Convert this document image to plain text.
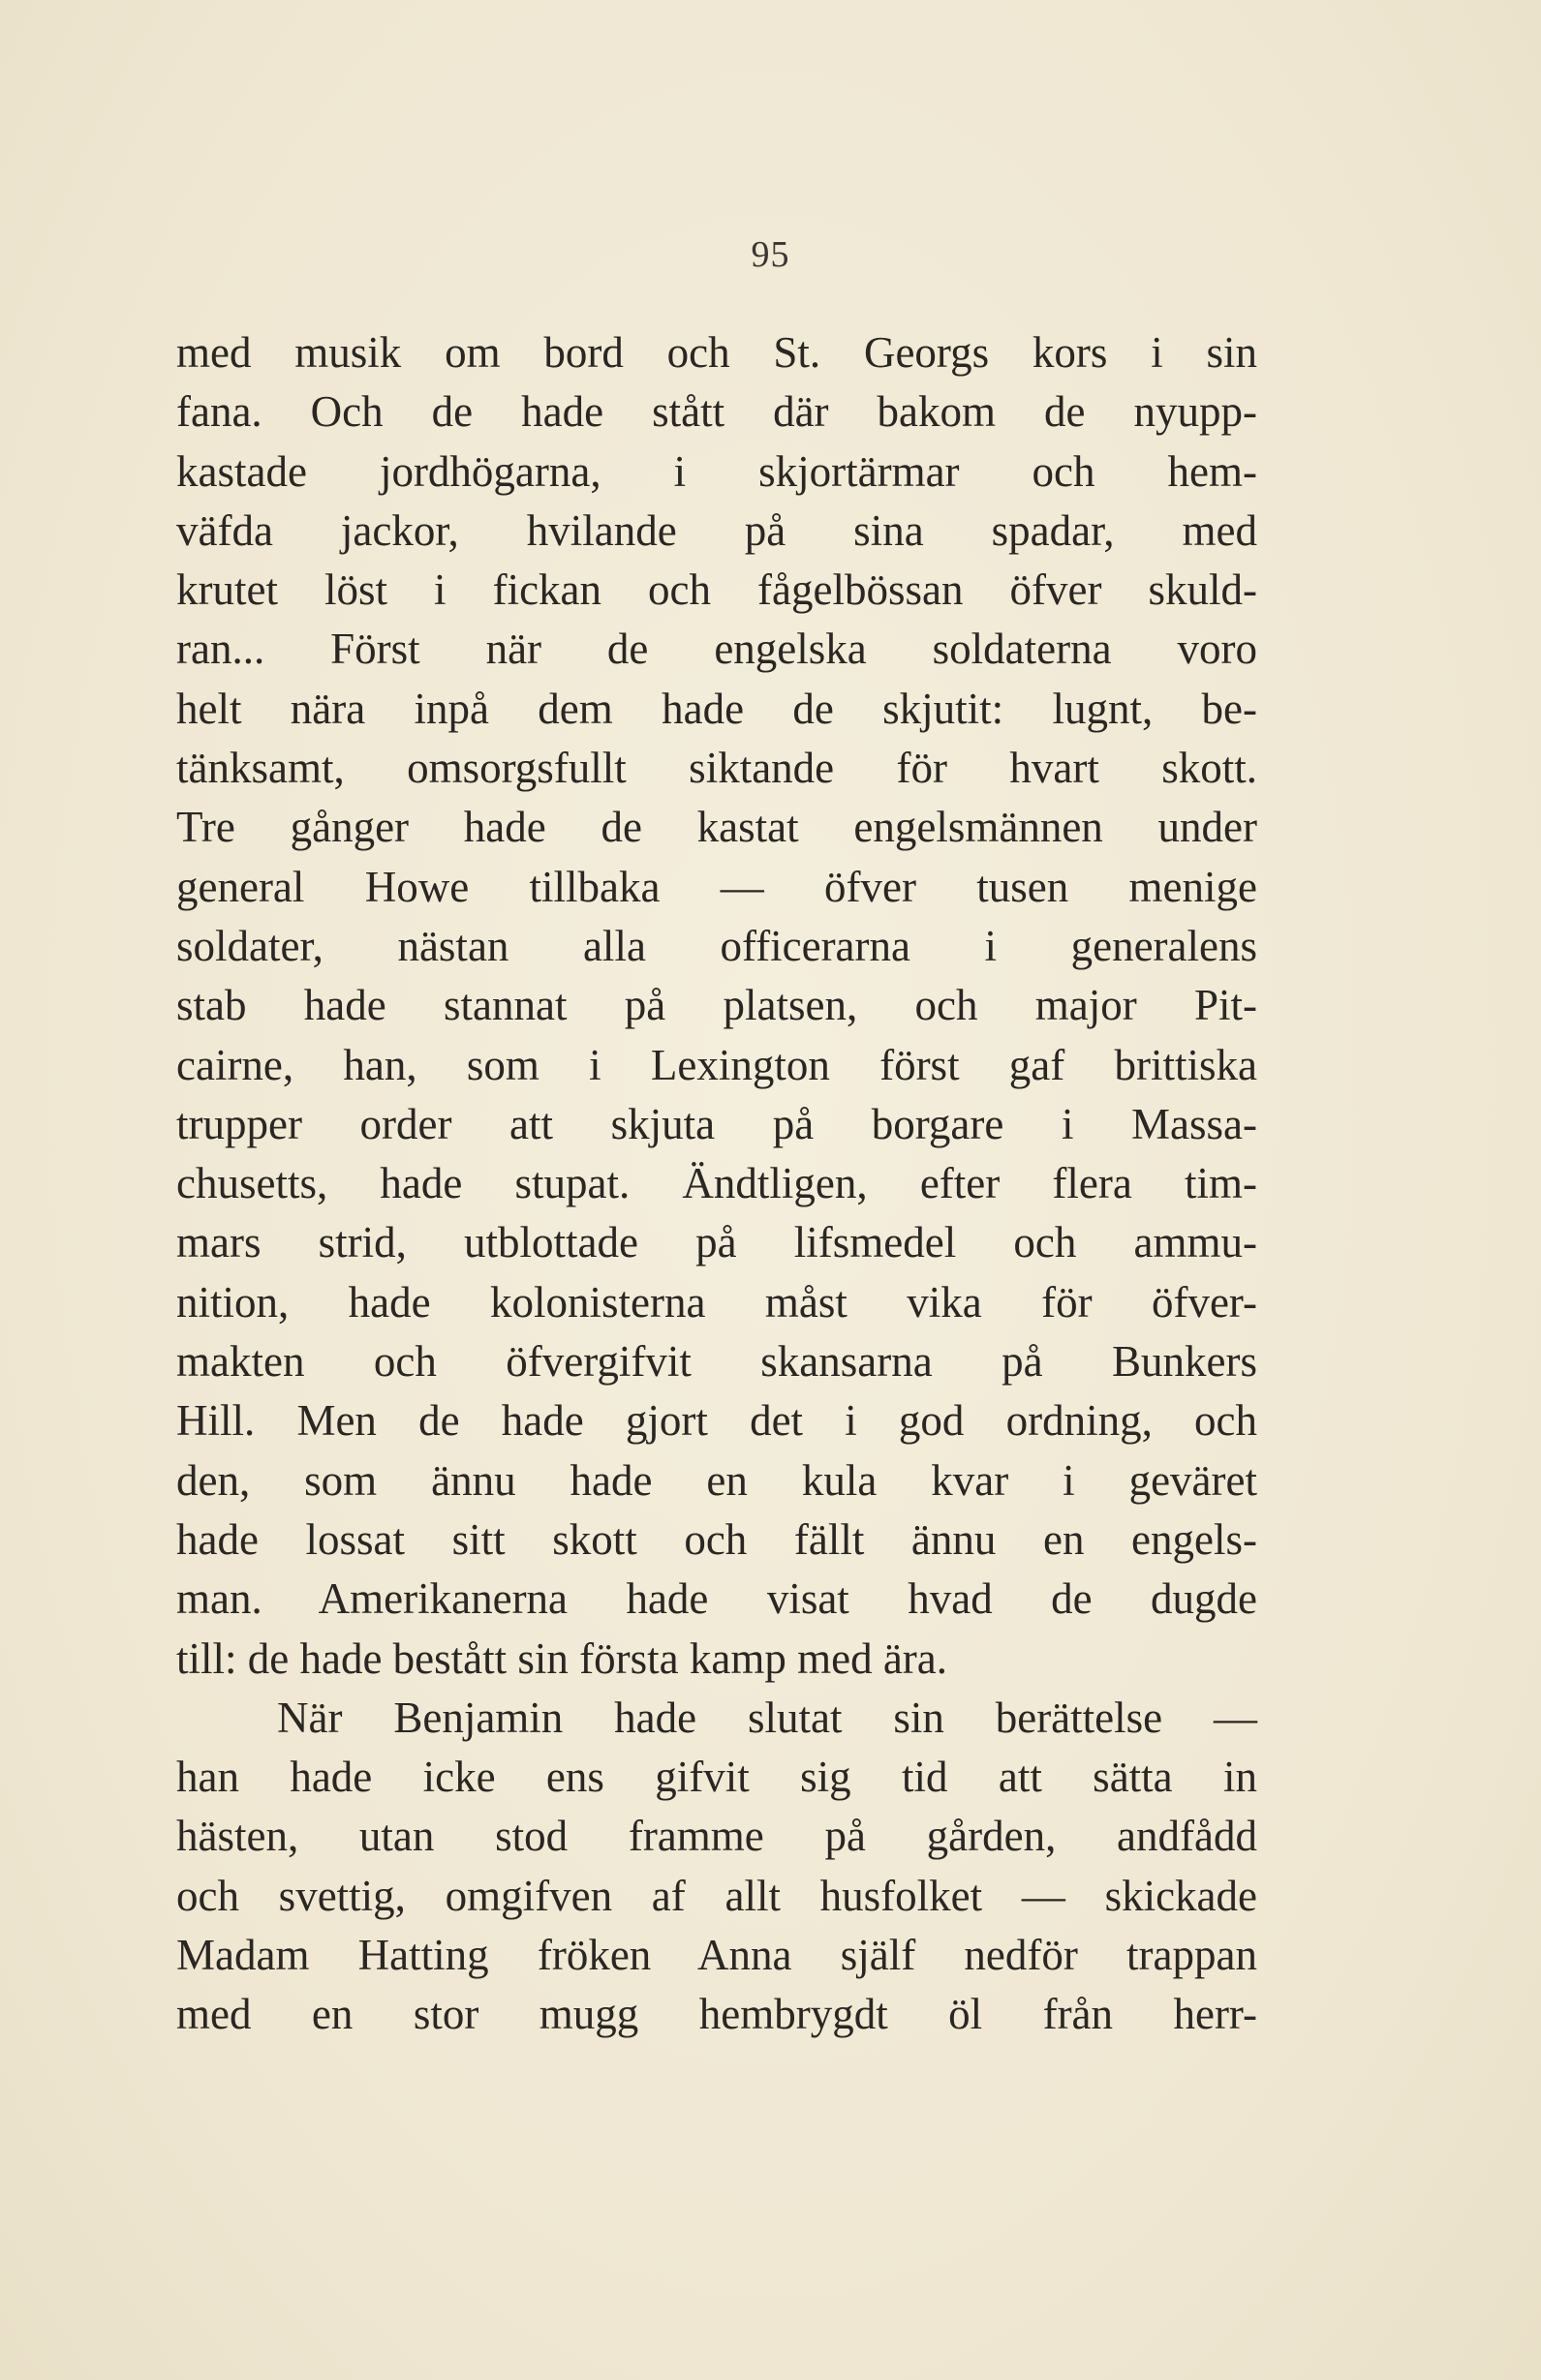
95
med musik om bord och St. Georgs kors i sin
fana. Och de hade stått där bakom de nyupp-
kastade jordhögarna, i skjortärmar och hem-
väfda jackor, hvilande på sina spadar, med
krutet löst i fickan och fågelbössan öfver skuld-
ran... Först när de engelska soldaterna voro
helt nära inpå dem hade de skjutit: lugnt, be-
tänksamt, omsorgsfullt siktande för hvart skott.
Tre gånger hade de kastat engelsmännen under
general Howe tillbaka — öfver tusen menige
soldater, nästan alla officerarna i generalens
stab hade stannat på platsen, och major Pit-
cairne, han, som i Lexington först gaf brittiska
trupper order att skjuta på borgare i Massa-
chusetts, hade stupat. Ändtligen, efter flera tim-
mars strid, utblottade på lifsmedel och ammu-
nition, hade kolonisterna måst vika för öfver-
makten och öfvergifvit skansarna på Bunkers
Hill. Men de hade gjort det i god ordning, och
den, som ännu hade en kula kvar i geväret
hade lossat sitt skott och fällt ännu en engels-
man. Amerikanerna hade visat hvad de dugde
till: de hade bestått sin första kamp med ära.
När Benjamin hade slutat sin berättelse —
han hade icke ens gifvit sig tid att sätta in
hästen, utan stod framme på gården, andfådd
och svettig, omgifven af allt husfolket — skickade
Madam Hatting fröken Anna själf nedför trappan
med en stor mugg hembrygdt öl från herr-
